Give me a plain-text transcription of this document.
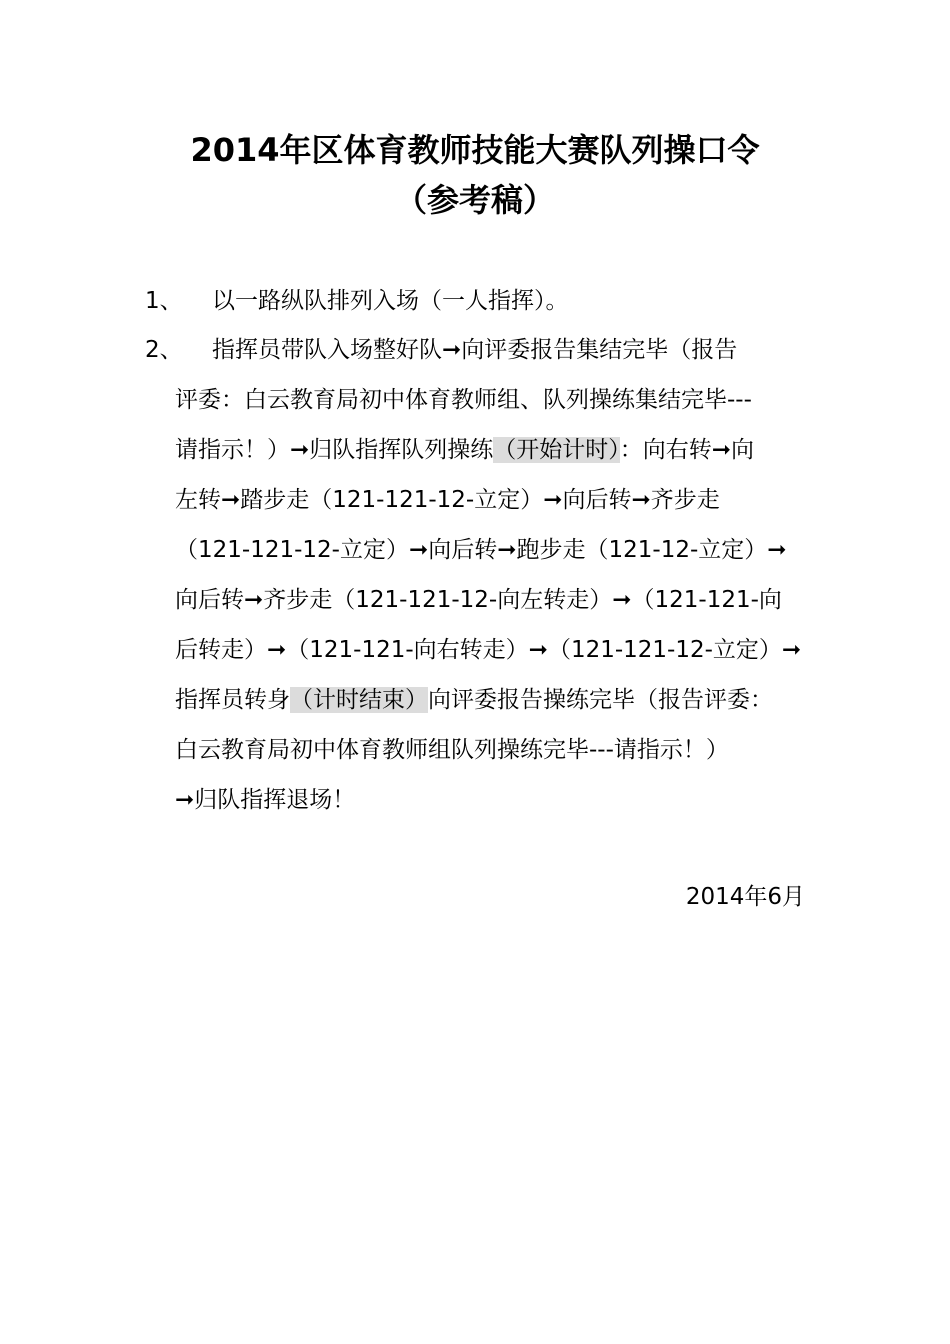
2014年区体育教师技能大赛队列操口令
（参考稿）
1、	以一路纵队排列入场（一人指挥）。
2、	指挥员带队入场整好队➞向评委报告集结完毕（报告
评委：白云教育局初中体育教师组、队列操练集结完毕---
请指示！）➞归队指挥队列操练（开始计时）：向右转➞向
左转➞踏步走（121-121-12-立定）➞向后转➞齐步走
（121-121-12-立定）➞向后转➞跑步走（121-12-立定）➞
向后转➞齐步走（121-121-12-向左转走）➞（121-121-向
后转走）➞（121-121-向右转走）➞（121-121-12-立定）➞
指挥员转身（计时结束）向评委报告操练完毕（报告评委：
白云教育局初中体育教师组队列操练完毕---请指示！）
➞归队指挥退场！
2014年6月
